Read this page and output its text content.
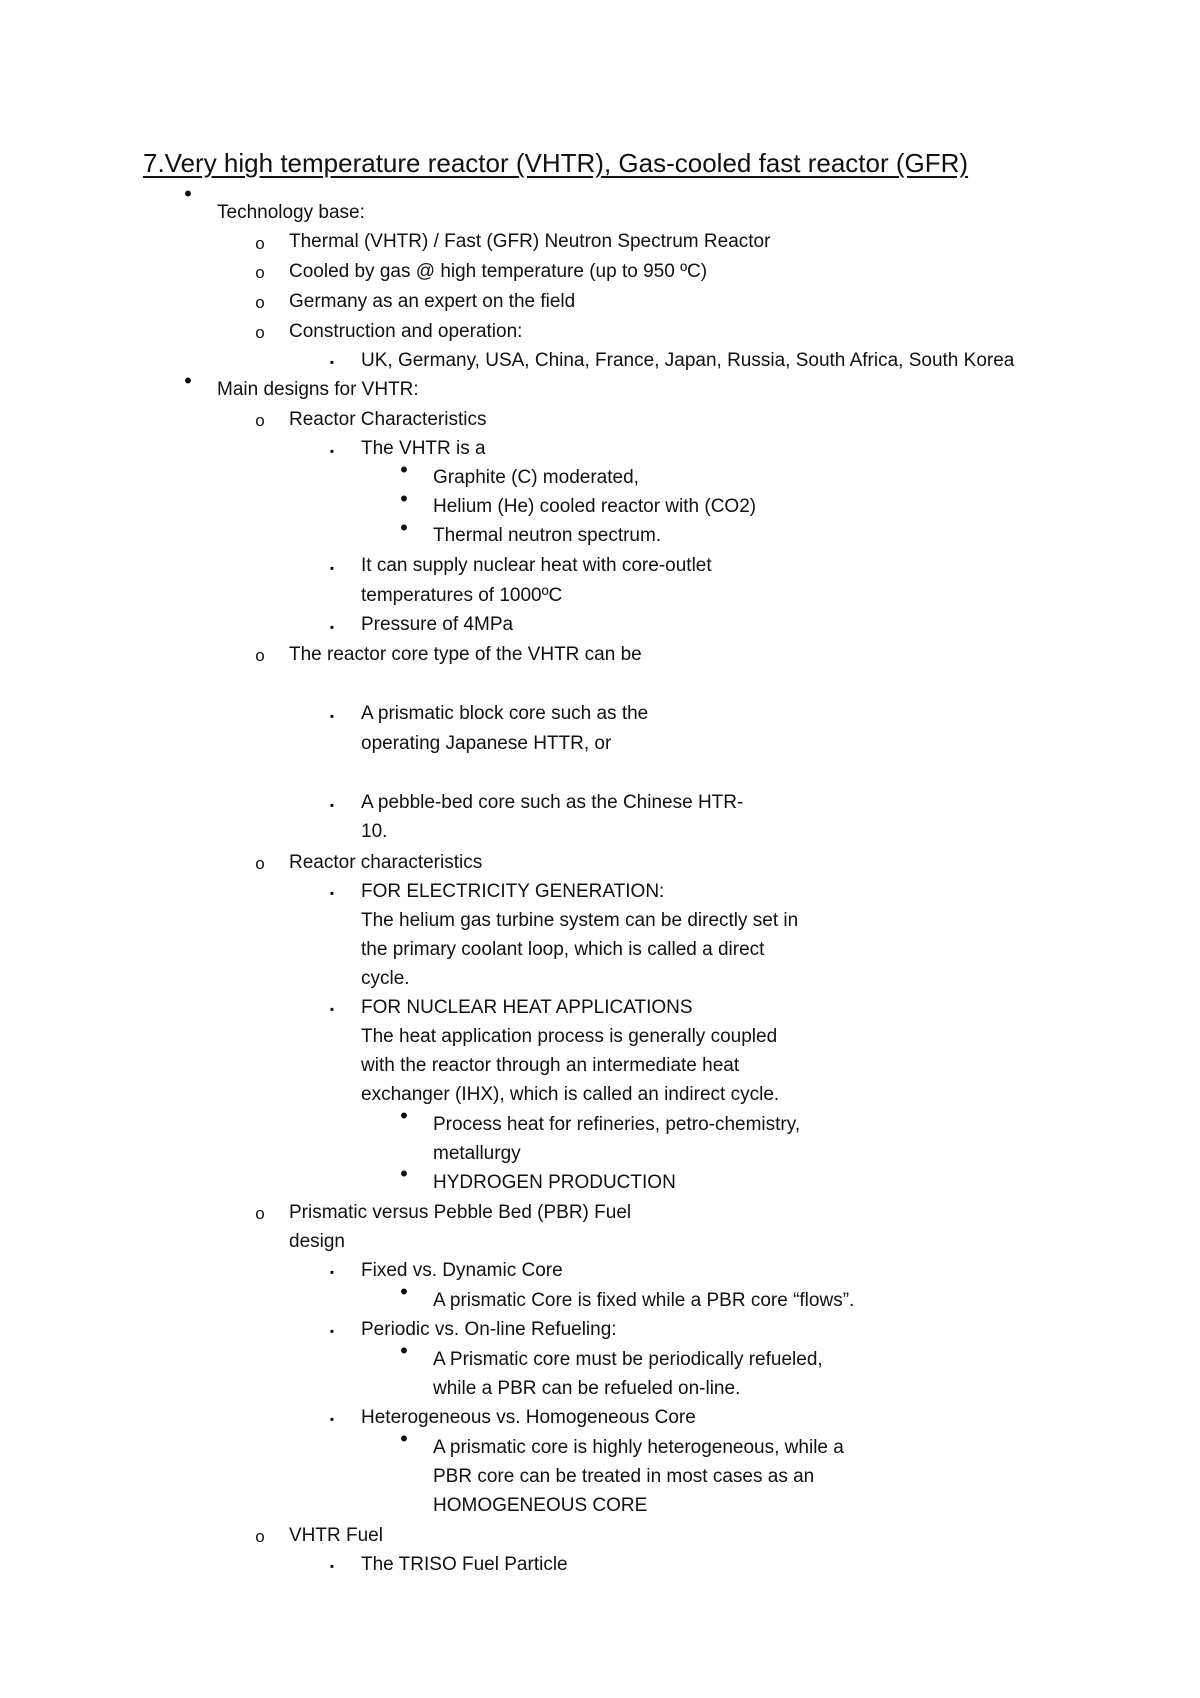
7.Very high temperature reactor (VHTR), Gas-cooled fast reactor (GFR)
•
Technology base:
o Thermal (VHTR) / Fast (GFR) Neutron Spectrum Reactor
o Cooled by gas @ high temperature (up to 950 ºC)
o Germany as an expert on the field
o Construction and operation:
▪	UK, Germany, USA, China, France, Japan, Russia, South Africa, South Korea
• Main designs for VHTR:
o Reactor Characteristics
▪	The VHTR is a
• Graphite (C) moderated,
• Helium (He) cooled reactor with (CO2)
• Thermal neutron spectrum.
▪	It can supply nuclear heat with core-outlet
temperatures of 1000ºC
▪	Pressure of 4MPa
o The reactor core type of the VHTR can be
▪	A prismatic block core such as the
operating Japanese HTTR, or
▪	A pebble-bed core such as the Chinese HTR-
10.
o Reactor characteristics
▪	FOR ELECTRICITY GENERATION:
The helium gas turbine system can be directly set in
the primary coolant loop, which is called a direct
cycle.
▪	FOR NUCLEAR HEAT APPLICATIONS
The heat application process is generally coupled
with the reactor through an intermediate heat
exchanger (IHX), which is called an indirect cycle.
• Process heat for refineries, petro-chemistry,
metallurgy
• HYDROGEN PRODUCTION
o Prismatic versus Pebble Bed (PBR) Fuel
design
▪	Fixed vs. Dynamic Core
• A prismatic Core is fixed while a PBR core “flows”.
▪	Periodic vs. On-line Refueling:
• A Prismatic core must be periodically refueled,
while a PBR can be refueled on-line.
▪	Heterogeneous vs. Homogeneous Core
• A prismatic core is highly heterogeneous, while a
PBR core can be treated in most cases as an
HOMOGENEOUS CORE
o VHTR Fuel
▪	The TRISO Fuel Particle
